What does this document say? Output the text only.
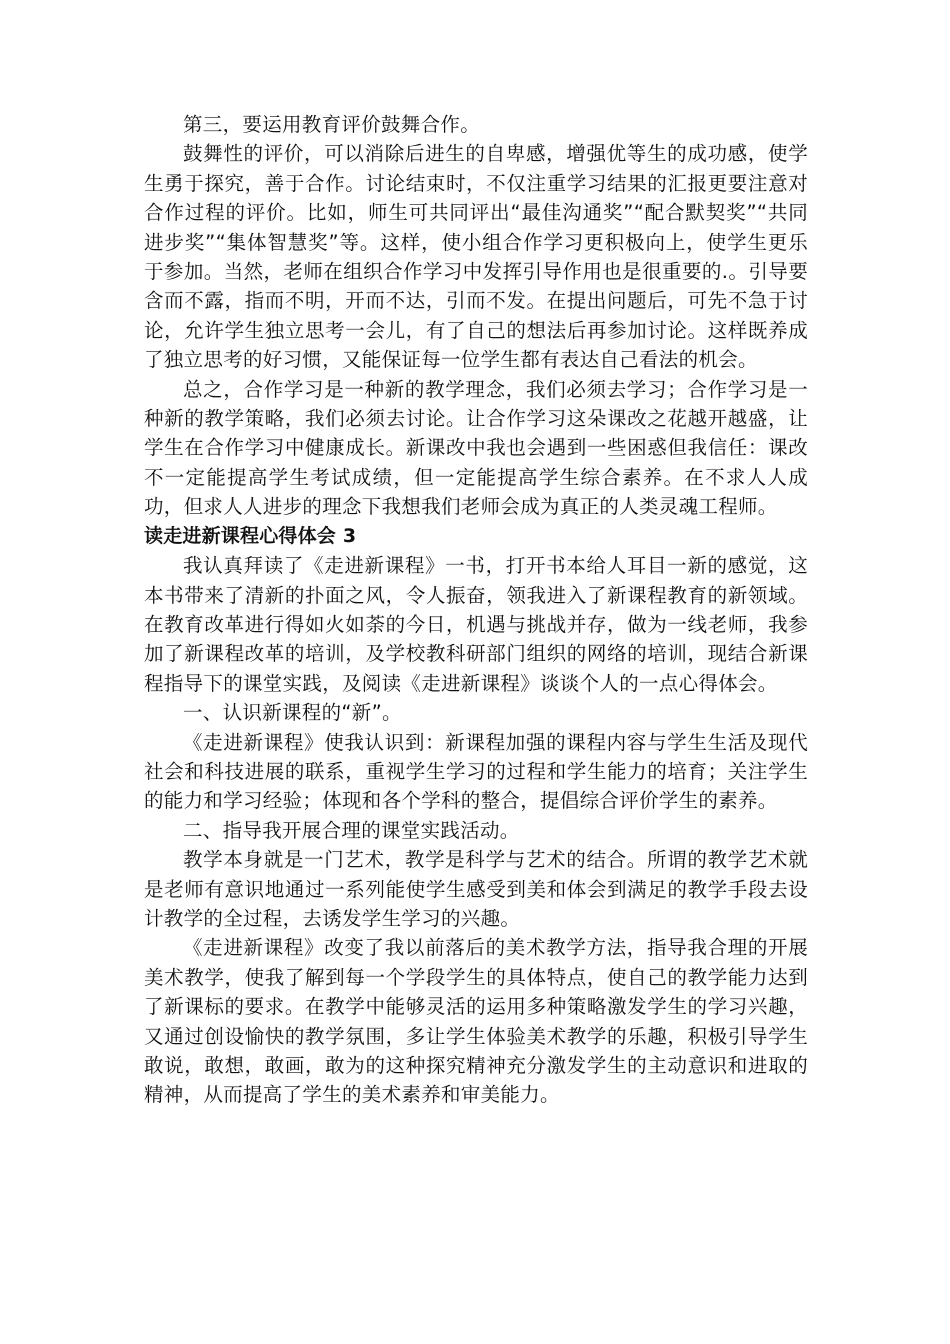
第三，要运用教育评价鼓舞合作。

鼓舞性的评价，可以消除后进生的自卑感，增强优等生的成功感，使学生勇于探究，善于合作。讨论结束时，不仅注重学习结果的汇报更要注意对合作过程的评价。比如，师生可共同评出“最佳沟通奖”“配合默契奖”“共同进步奖”“集体智慧奖”等。这样，使小组合作学习更积极向上，使学生更乐于参加。当然，老师在组织合作学习中发挥引导作用也是很重要的.。引导要含而不露，指而不明，开而不达，引而不发。在提出问题后，可先不急于讨论，允许学生独立思考一会儿，有了自己的想法后再参加讨论。这样既养成了独立思考的好习惯，又能保证每一位学生都有表达自己看法的机会。

总之，合作学习是一种新的教学理念，我们必须去学习；合作学习是一种新的教学策略，我们必须去讨论。让合作学习这朵课改之花越开越盛，让学生在合作学习中健康成长。新课改中我也会遇到一些困惑但我信任：课改不一定能提高学生考试成绩，但一定能提高学生综合素养。在不求人人成功，但求人人进步的理念下我想我们老师会成为真正的人类灵魂工程师。

读走进新课程心得体会 3

我认真拜读了《走进新课程》一书，打开书本给人耳目一新的感觉，这本书带来了清新的扑面之风，令人振奋，领我进入了新课程教育的新领域。在教育改革进行得如火如荼的今日，机遇与挑战并存，做为一线老师，我参加了新课程改革的培训，及学校教科研部门组织的网络的培训，现结合新课程指导下的课堂实践，及阅读《走进新课程》谈谈个人的一点心得体会。

一、认识新课程的“新”。

《走进新课程》使我认识到：新课程加强的课程内容与学生生活及现代社会和科技进展的联系，重视学生学习的过程和学生能力的培育；关注学生的能力和学习经验；体现和各个学科的整合，提倡综合评价学生的素养。

二、指导我开展合理的课堂实践活动。

教学本身就是一门艺术，教学是科学与艺术的结合。所谓的教学艺术就是老师有意识地通过一系列能使学生感受到美和体会到满足的教学手段去设计教学的全过程，去诱发学生学习的兴趣。

《走进新课程》改变了我以前落后的美术教学方法，指导我合理的开展美术教学，使我了解到每一个学段学生的具体特点，使自己的教学能力达到了新课标的要求。在教学中能够灵活的运用多种策略激发学生的学习兴趣，又通过创设愉快的教学氛围，多让学生体验美术教学的乐趣，积极引导学生敢说，敢想，敢画，敢为的这种探究精神充分激发学生的主动意识和进取的精神，从而提高了学生的美术素养和审美能力。
